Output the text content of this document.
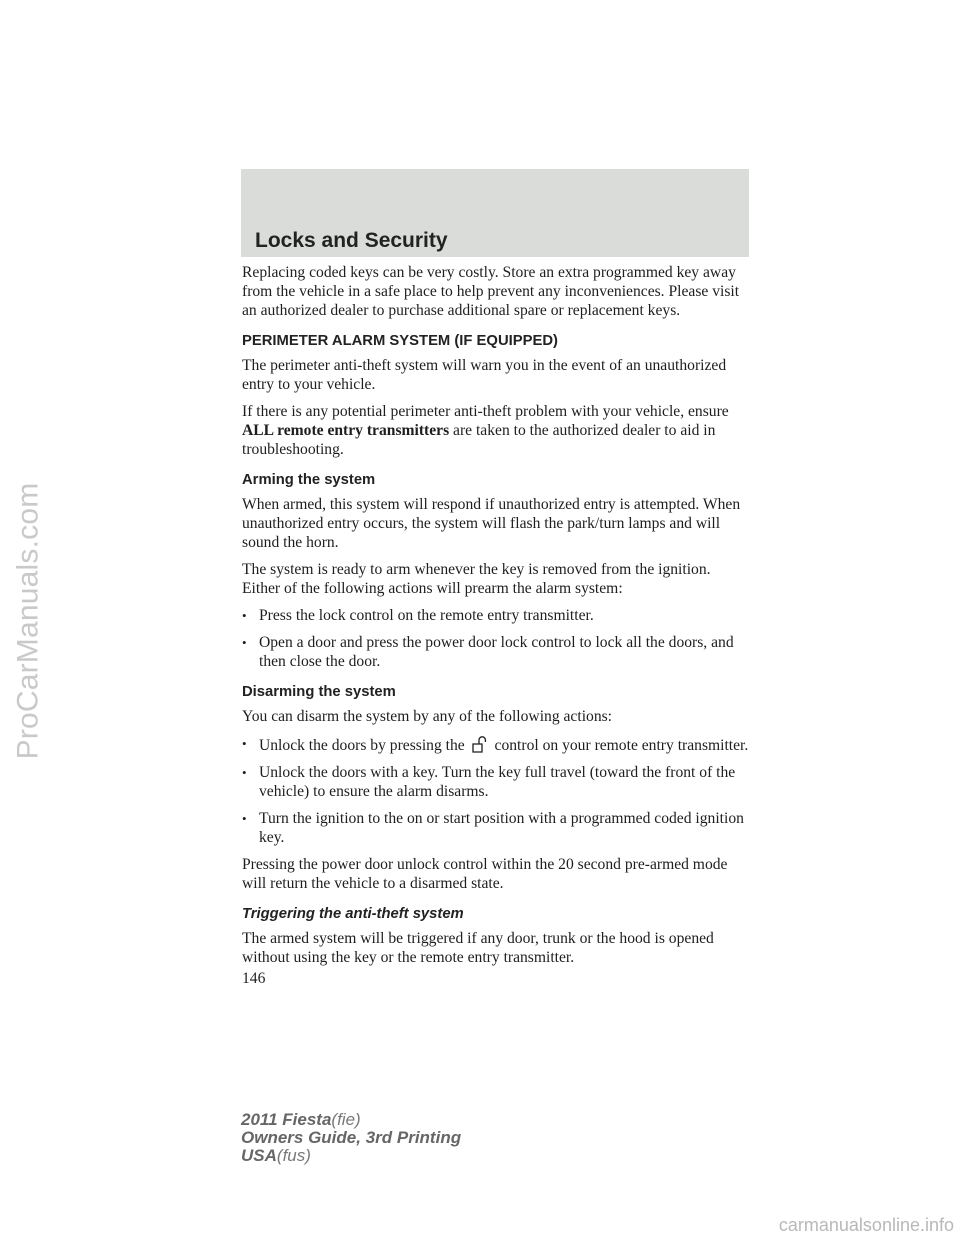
ProCarManuals.com
Locks and Security

Replacing coded keys can be very costly. Store an extra programmed key away from the vehicle in a safe place to help prevent any inconveniences. Please visit an authorized dealer to purchase additional spare or replacement keys.

PERIMETER ALARM SYSTEM (IF EQUIPPED)

The perimeter anti-theft system will warn you in the event of an unauthorized entry to your vehicle.

If there is any potential perimeter anti-theft problem with your vehicle, ensure ALL remote entry transmitters are taken to the authorized dealer to aid in troubleshooting.

Arming the system

When armed, this system will respond if unauthorized entry is attempted. When unauthorized entry occurs, the system will flash the park/turn lamps and will sound the horn.

The system is ready to arm whenever the key is removed from the ignition. Either of the following actions will prearm the alarm system:

• Press the lock control on the remote entry transmitter.
• Open a door and press the power door lock control to lock all the doors, and then close the door.
Disarming the system

You can disarm the system by any of the following actions:

• Unlock the doors by pressing the  control on your remote entry transmitter.
• Unlock the doors with a key. Turn the key full travel (toward the front of the vehicle) to ensure the alarm disarms.
• Turn the ignition to the on or start position with a programmed coded ignition key.

Pressing the power door unlock control within the 20 second pre-armed mode will return the vehicle to a disarmed state.

Triggering the anti-theft system

The armed system will be triggered if any door, trunk or the hood is opened without using the key or the remote entry transmitter.

146
2011 Fiesta(fie)
Owners Guide, 3rd Printing
USA(fus)
carmanualsonline.info
